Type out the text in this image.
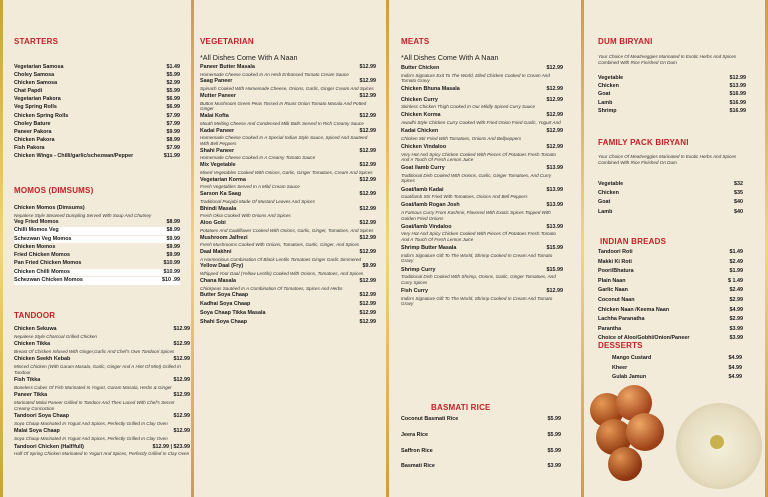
STARTERS
Vegetarian Samosa	$1.49
Choley Samosa	$5.99
Chicken Samosa	$2.99
Chat Papdi	$5.99
Vegetarian Pakora	$6.99
Veg Spring Rolls	$6.99
Chicken Spring Rolls	$7.99
Choley Bature	$7.99
Paneer Pakora	$9.99
Chicken Pakora	$8.99
Fish Pakora	$7.99
Chicken Wings - Chilli/garlic/schezwan/Pepper	$11.99
MOMOS (DIMSUMS)
Chicken Momos (Dimsums)
Nepalese Style Steamed Dumpling Served With Soup And Chutney
Veg Fried Momos	$8.99
Chilli Momos Veg	$8.99
Schezwan Veg Momos	$9.99
Chicken Momos	$9.99
Fried Chicken Momos	$9.99
Pan Fried Chicken Momos	$10.99
Chicken Chilli Momos	$10.99
Schezwan Chicken Momos	$10 .99
TANDOOR
Chicken Sekuwa	$12.99
Nepalese Style Charcoal Grilled Chicken
Chicken Tikka	$12.99
Breast Of Chicken Infused With Ginger,Garlic And Chef's Own Tandoori Spices
Chicken Seekh Kebab	$12.99
Minced Chicken (With Garam Masala, Garlic, Ginger And A Hint Of Mint) Grilled In Tandoor
Fish Tikka	$12.99
Boneless Cubes Of Fish Marinated In Yogurt, Garam Masala, Herbs & Ginger
Paneer Tikka	$12.99
Marinated Malai Paneer Grilled In Tandoor And Then Laced With Chef's Secret Creamy Concoction
Tandoori Soya Chaap	$12.99
Soya Chaap Marinated In Yogurt And Spices, Perfectly Grilled In Clay Oven
Malai Soya Chaap	$12.99
Soya Chaap Marinated In Yogurt And Spices, Perfectly Grilled In Clay Oven
Tandoori Chicken (Half/full)	$12.99 | $23.99
Half Of Spring Chicken Marinated In Yogurt And Spices, Perfectly Grilled In Clay Oven
VEGETARIAN
*All Dishes Come With A Naan
Paneer Butter Masala	$12.99
Homemade Cheese Cooked In An Herb Enhanced Tomato Cream Sauce
Saag Paneer	$12.99
Spinach Cooked With Homemade Cheese, Onions, Garlic, Ginger Cream And Spices
Mutter Paneer	$12.99
Button Mushroom Green Peas Tossed In Roast Onion Tomato Masala And Potted Ginger
Malai Kofta	$12.99
Mouth Melting Cheese And Condensed Milk Balls Served In Rich Creamy Sauce
Kadai Paneer	$12.99
Homemade Cheese Cooked In A Special Indian Style Sauce, Spiced And Sauteed With Bell Peppers
Shahi Paneer	$12.99
Homemade Cheese Cooked In A Creamy Tomato Sauce
Mix Vegetable	$12.99
Mixed Vegetables Cooked With Onions, Garlic, Ginger Tomatoes, Cream And Spices
Vegetarian Korma	$12.99
Fresh Vegetables Served In A Mild Cream Sauce
Sarson Ka Saag	$12.99
Traditional Punjabi Made Of Mustard Leaves And Spices
Bhindi Masala	$12.99
Fresh Okra Cooked With Onions And Spices
Aloo Gobi	$12.99
Potatoes And Cauliflower Cooked With Onions, Garlic, Ginger, Tomatoes, And Spices
Mushroom Jalfrezi	$12.99
Fresh Mushrooms Cooked With Onions, Tomatoes, Garlic, Ginger, And Spices
Daal Makhni	$12.99
A Harmonious Combination Of Black Lentils Tomatoes Ginger Garlic Simmered
Yellow Daal (Fry)	$9.99
Whipped Yoor Daal (Yellow Lentils) Cooked With Onions, Tomatoes, And Spices
Chana Masala	$12.99
Chickpeas Sautéed In A Combination Of Tomatoes, Spices And Herbs
Butter Soya Chaap	$12.99
Kadhai Soya Chaap	$12.99
Soya Chaap Tikka Masala	$12.99
Shahi Soya Chaap	$12.99
MEATS
*All Dishes Come With A Naan
Butter Chicken	$12.99
India's Signature Exit To The World, Elled Chicken Cooked In Cream And Tomato Gravy
Chicken Bhuna Masala	$12.99
Chicken Curry	$12.99
Skinless Chicken Thigh Cooked In Our Mildly Spiced Curry Sauce
Chicken Korma	$12.99
Awadhi Style Chicken Curry Cooked With Fried Onion Fried Garlic, Yogurt And
Kadai Chicken	$12.99
Chicken Stir Fried With Tomatoes, Onions And Bellpeppers
Chicken Vindaloo	$12.99
Very Hot And Spicy Chicken Cooked With Pieces Of Potatoes Fresh Tomato And A Touch Of Fresh Lemon Juice
Goat /lamb Curry	$13.99
Traditional Dish Cooked With Onions, Garlic, Ginger Tomatoes, And Curry Spices
Goat/lamb Kadai	$13.99
Goat/lamb Stir Fried With Tomatoes, Onions And Bell Peppers
Goat/lamb Rogan Josh	$13.99
A Famous Curry From Kashmir, Flavored With Exotic Spices Topped With Golden Fried Onions
Goat/lamb Vindaloo	$13.99
Very Hot And Spicy Chicken Cooked With Pieces Of Potatoes Fresh Tomato And A Touch Of Fresh Lemon Juice
Shrimp Butter Masala	$15.99
India's Signature Gift To The World, Shrimp Cooked In Cream And Tomato Gravy
Shrimp Curry	$15.99
Traditional Dish Cooked With Shrimp, Onions, Garlic, Ginger Tomatoes, And Curry Spices
Fish Curry	$12.99
India's Signature Gift To The World, Shrimp Cooked In Cream And Tomato Gravy
BASMATI RICE
Coconut Basmati Rice	$5.99
Jeera Rice	$5.99
Saffron Rice	$5.99
Basmati Rice	$3.99
DUM BIRYANI
Your Choice Of Meat/veggies Marinated In Exotic Herbs And Spices Combined With Rice Finished On Dum
Vegetable	$12.99
Chicken	$13.99
Goat	$16.99
Lamb	$16.99
Shrimp	$16.99
FAMILY PACK BIRYANI
Your Choice Of Meat/veggies Marinated In Exotic Herbs And Spices Combined With Rice Finished On Dum
Vegetable	$32
Chicken	$35
Goat	$40
Lamb	$40
INDIAN BREADS
Tandoori Roti	$1.49
Makki Ki Roti	$2.49
Poori/Bhatura	$1.99
Plain Naan	$ 1.49
Garlic Naan	$2.49
Coconut Naan	$2.99
Chicken Naan /Keema Naan	$4.99
Lachha Paranatha	$2.99
Parantha	$3.99
Choice of Aloo/Gobhi/Onion/Paneer	$3.99
DESSERTS
Mango Custard	$4.99
Kheer	$4.99
Gulab Jamun	$4.99
